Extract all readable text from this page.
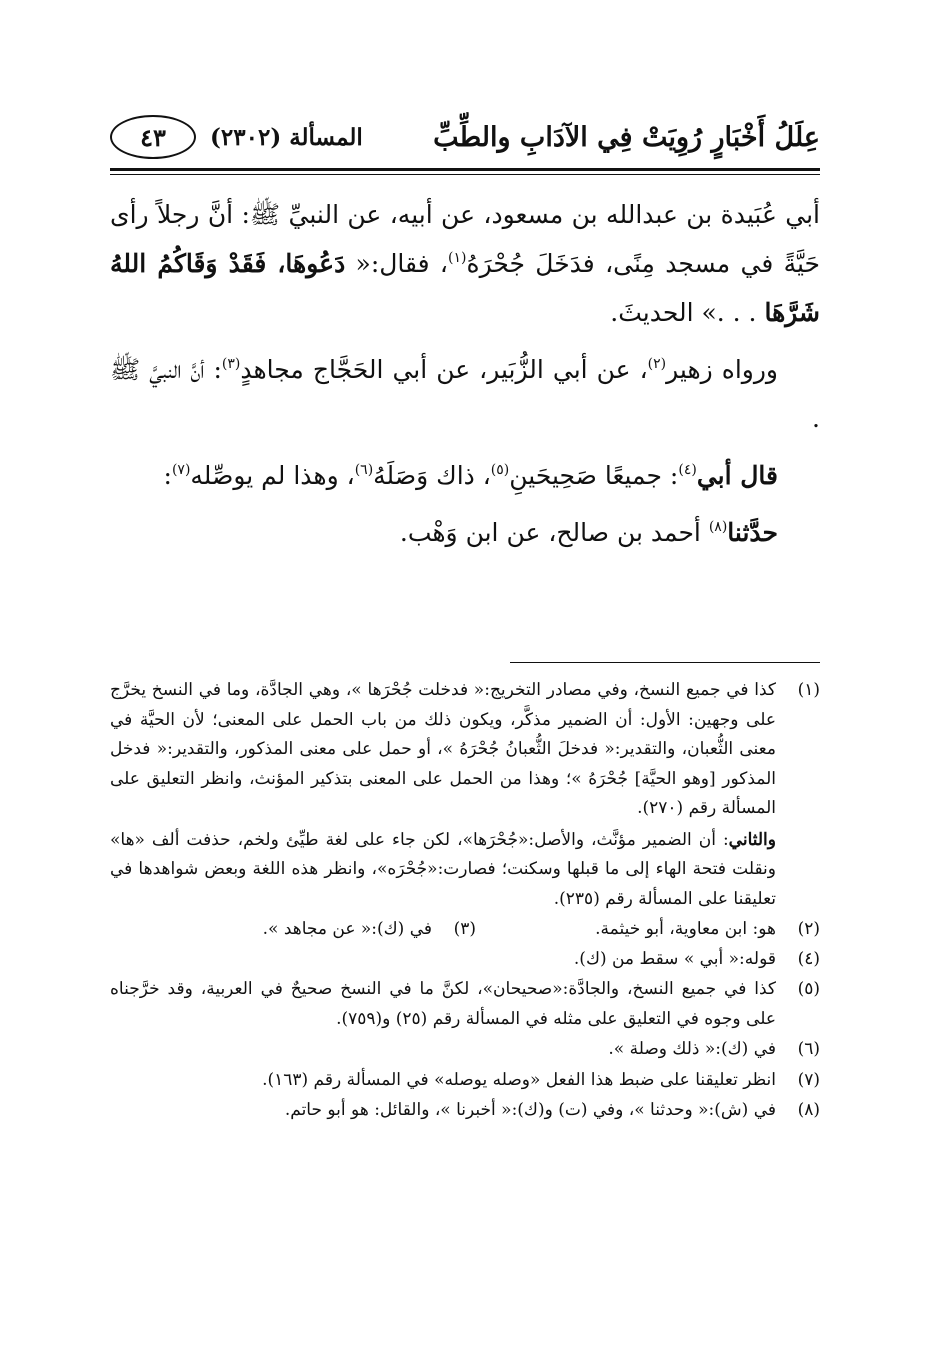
عِلَلُ أَخْبَارٍ رُوِيَتْ فِي الآدَابِ والطِّبِّ
المسألة (٢٣٠٢)
٤٣

أبي عُبَيدة بن عبدالله بن مسعود، عن أبيه، عن النبيِّ ﷺ: أنَّ رجلاً رأى حَيَّةً في مسجد مِنًى، فدَخَلَ جُحْرَهُ$^{(١)}$، فقال:« دَعُوهَا، فَقَدْ وَقَاكُمُ اللهُ شَرَّهَا . . .» الحديثَ.

ورواه زهير$^{(٢)}$، عن أبي الزُّبَير، عن أبي الحَجَّاج مجاهدٍ$^{(٣)}$: أنَّ النبيَّ ﷺ .

قال أبي$^{(٤)}$: جميعًا صَحِيحَينِ$^{(٥)}$، ذاك وَصَلَهُ$^{(٦)}$، وهذا لم يوصِّله$^{(٧)}$:

حدَّثنا$^{(٨)}$ أحمد بن صالح، عن ابن وَهْب.

(١)
كذا في جميع النسخ، وفي مصادر التخريج:« فدخلت جُحْرَها »، وهي الجادَّة، وما في النسخ يخرَّج على وجهين: الأول: أن الضمير مذكَّر، ويكون ذلك من باب الحمل على المعنى؛ لأن الحيَّة في معنى الثُّعبان، والتقدير:« فدخلَ الثُّعبانُ جُحْرَهُ »، أو حمل على معنى المذكور، والتقدير:« فدخل المذكور [وهو الحيَّة] جُحْرَهُ »؛ وهذا من الحمل على المعنى بتذكير المؤنث، وانظر التعليق على المسألة رقم (٢٧٠).
والثاني: أن الضمير مؤنَّث، والأصل:«جُحْرَها»، لكن جاء على لغة طيِّئ ولخم، حذفت ألف «ها» ونقلت فتحة الهاء إلى ما قبلها وسكنت؛ فصارت:«جُحْرَه»، وانظر هذه اللغة وبعض شواهدها في تعليقنا على المسألة رقم (٢٣٥).
(٢)
هو: ابن معاوية، أبو خيثمة.
(٣)
في (ك):« عن مجاهد ».
(٤)
قوله:« أبي » سقط من (ك).
(٥)
كذا في جميع النسخ، والجادَّة:«صحيحان»، لكنَّ ما في النسخ صحيحٌ في العربية، وقد خرَّجناه على وجوه في التعليق على مثله في المسألة رقم (٢٥) و(٧٥٩).
(٦)
في (ك):« ذلك وصلة ».
(٧)
انظر تعليقنا على ضبط هذا الفعل «وصله يوصله» في المسألة رقم (١٦٣).
(٨)
في (ش):« وحدثنا »، وفي (ت) و(ك):« أخبرنا »، والقائل: هو أبو حاتم.
